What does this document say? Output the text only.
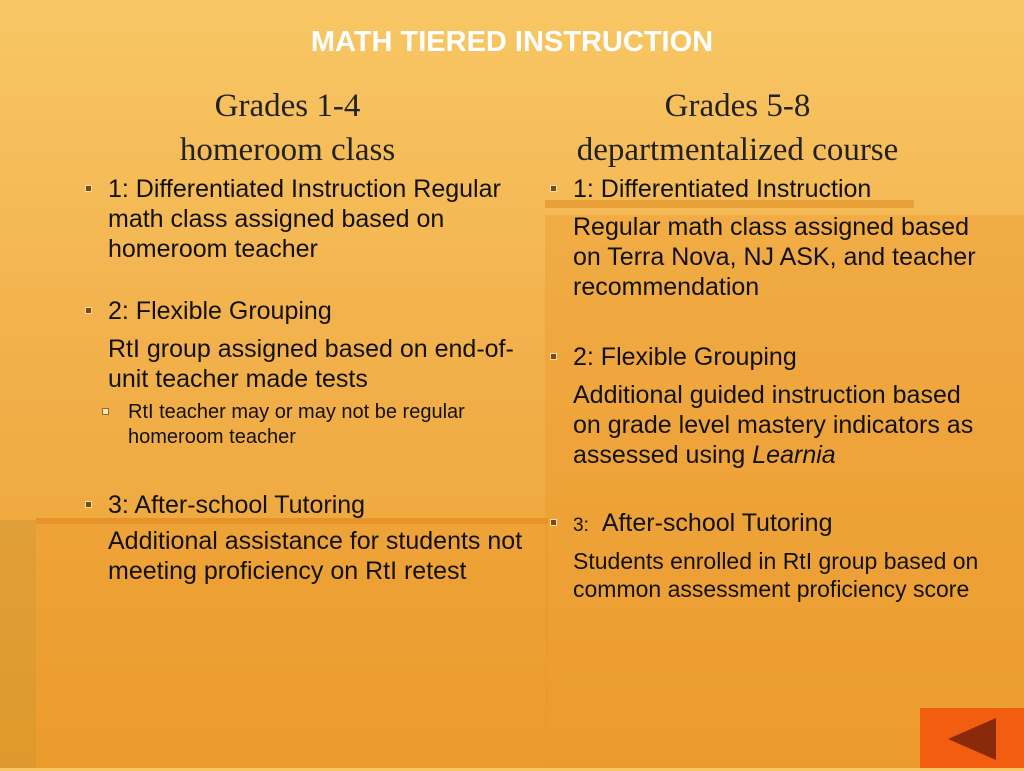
MATH TIERED INSTRUCTION
Grades 1-4
homeroom class
Grades 5-8
departmentalized course
1: Differentiated Instruction Regular math class assigned based on homeroom teacher
2: Flexible Grouping
RtI group assigned based on end-of-unit teacher made tests
RtI teacher may or may not be regular homeroom teacher
3: After-school Tutoring
Additional assistance for students not meeting proficiency on RtI retest
1: Differentiated Instruction
Regular math class assigned based on Terra Nova, NJ ASK, and teacher recommendation
2: Flexible Grouping
Additional guided instruction based on grade level mastery indicators as assessed using Learnia
3: After-school Tutoring
Students enrolled in RtI group based on common assessment proficiency score
